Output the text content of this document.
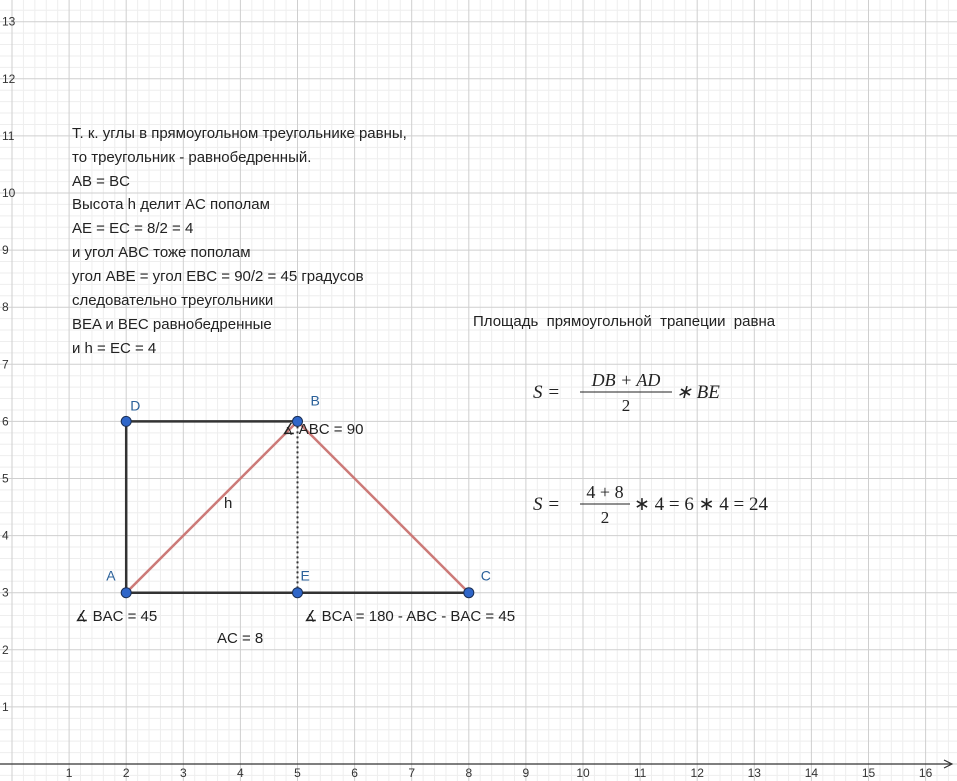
1	2	3	4	5	6	7	8	9	10	11	12	13	14	15	16
1
2
3
4
5
6
7
8
9
10
11
12
13
A
B
C
D
E
h
∡ ABC = 90
∡ BAC = 45	∡ BCA = 180 - ABC - BAC = 45
AC = 8
Т. к. углы в прямоугольном треугольнике равны,
то треугольник - равнобедренный.
AB = BC
Высота h делит AC пополам
AE = EC = 8/2 = 4
и угол ABC тоже пополам
угол ABE = угол EBC = 90/2 = 45 градусов
следовательно треугольники
BEA и BEC равнобедренные
и h = EC = 4
Площадь  прямоугольной  трапеции  равна
S =
DB + AD
2
∗ BE
S =
4 + 8
2
∗ 4 = 6 ∗ 4 = 24
